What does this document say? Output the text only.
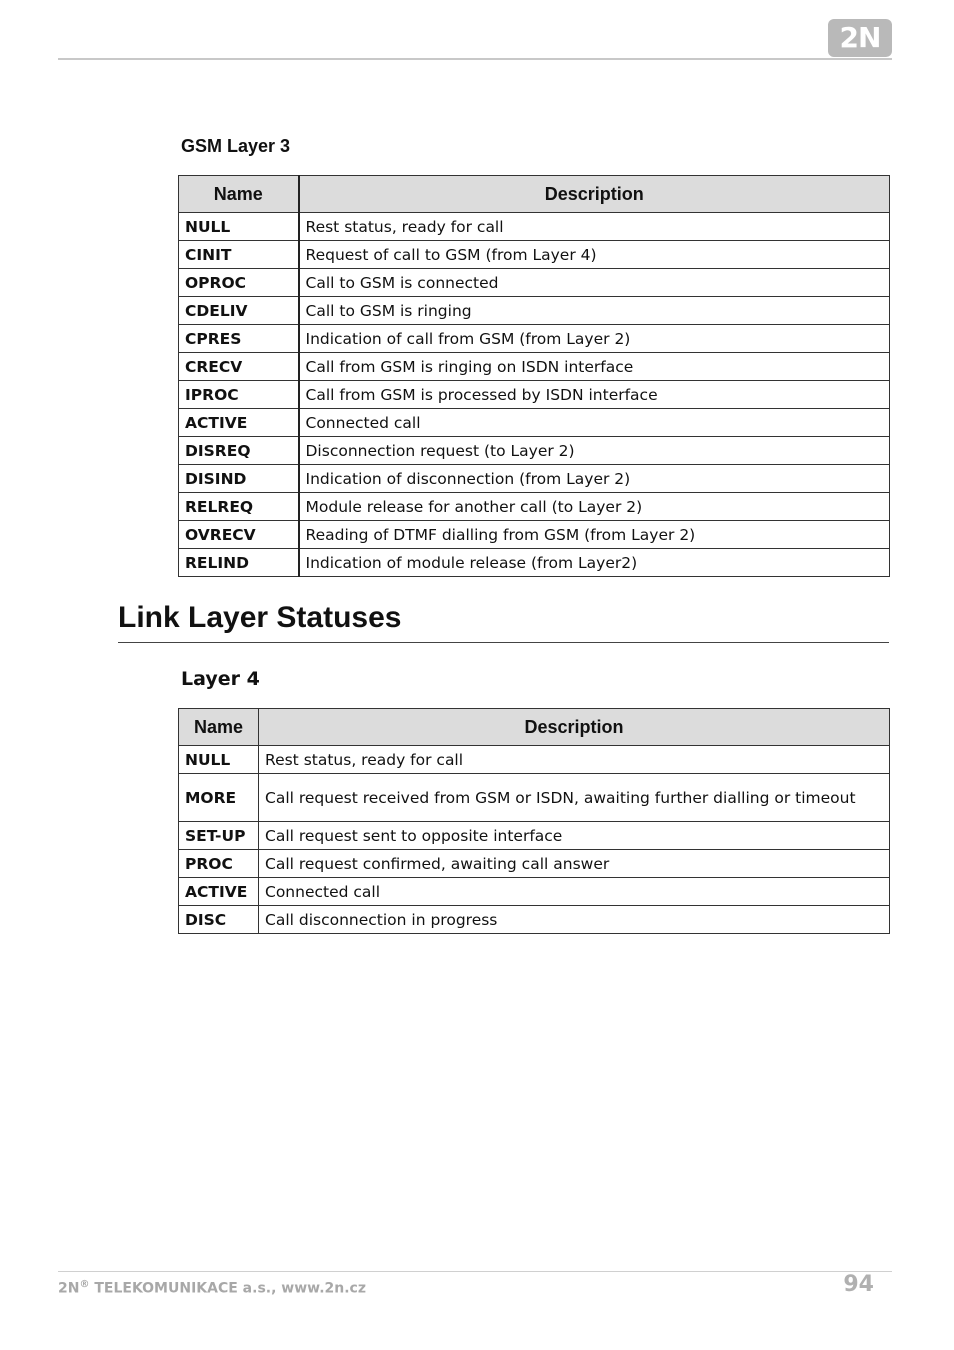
2N
GSM Layer 3
Name	Description
NULL	Rest status, ready for call
CINIT	Request of call to GSM (from Layer 4)
OPROC	Call to GSM is connected
CDELIV	Call to GSM is ringing
CPRES	Indication of call from GSM (from Layer 2)
CRECV	Call from GSM is ringing on ISDN interface
IPROC	Call from GSM is processed by ISDN interface
ACTIVE	Connected call
DISREQ	Disconnection request (to Layer 2)
DISIND	Indication of disconnection (from Layer 2)
RELREQ	Module release for another call (to Layer 2)
OVRECV	Reading of DTMF dialling from GSM (from Layer 2)
RELIND	Indication of module release (from Layer2)
Link Layer Statuses
Layer 4
Name	Description
NULL	Rest status, ready for call
MORE	Call request received from GSM or ISDN, awaiting further dialling or timeout
SET-UP	Call request sent to opposite interface
PROC	Call request confirmed, awaiting call answer
ACTIVE	Connected call
DISC	Call disconnection in progress
2N® TELEKOMUNIKACE a.s., www.2n.cz	94
